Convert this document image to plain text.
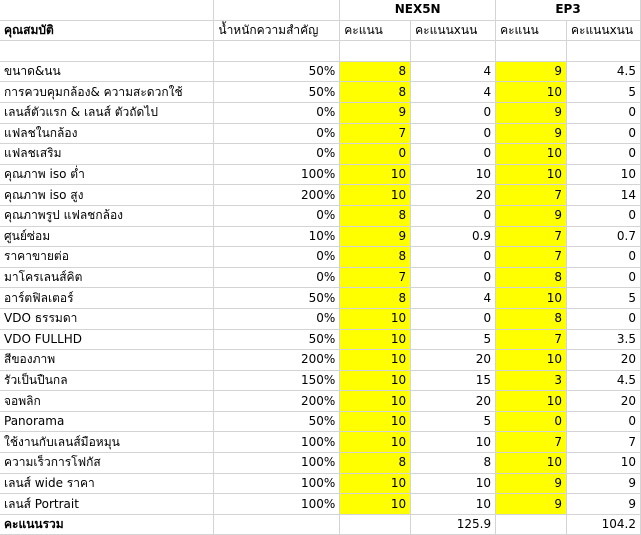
		NEX5N		EP3	
คุณสมบัติ	น้ำหนักความสำคัญ	คะแนน	คะแนนxนน	คะแนน	คะแนนxนน

ขนาด&นน	50%	8	4	9	4.5
การควบคุมกล้อง& ความสะดวกใช้	50%	8	4	10	5
เลนส์ตัวแรก & เลนส์ ตัวถัดไป	0%	9	0	9	0
แฟลชในกล้อง	0%	7	0	9	0
แฟลชเสริม	0%	0	0	10	0
คุณภาพ iso ต่ำ	100%	10	10	10	10
คุณภาพ iso สูง	200%	10	20	7	14
คุณภาพรูป แฟลชกล้อง	0%	8	0	9	0
ศูนย์ซ่อม	10%	9	0.9	7	0.7
ราคาขายต่อ	0%	8	0	7	0
มาโครเลนส์คิต	0%	7	0	8	0
อาร์ตฟิลเตอร์	50%	8	4	10	5
VDO ธรรมดา	0%	10	0	8	0
VDO FULLHD	50%	10	5	7	3.5
สีของภาพ	200%	10	20	10	20
รัวเป็นปืนกล	150%	10	15	3	4.5
จอพลิก	200%	10	20	10	20
Panorama	50%	10	5	0	0
ใช้งานกับเลนส์มือหมุน	100%	10	10	7	7
ความเร็วการโฟกัส	100%	8	8	10	10
เลนส์ wide ราคา	100%	10	10	9	9
เลนส์ Portrait	100%	10	10	9	9
คะแนนรวม			125.9		104.2
